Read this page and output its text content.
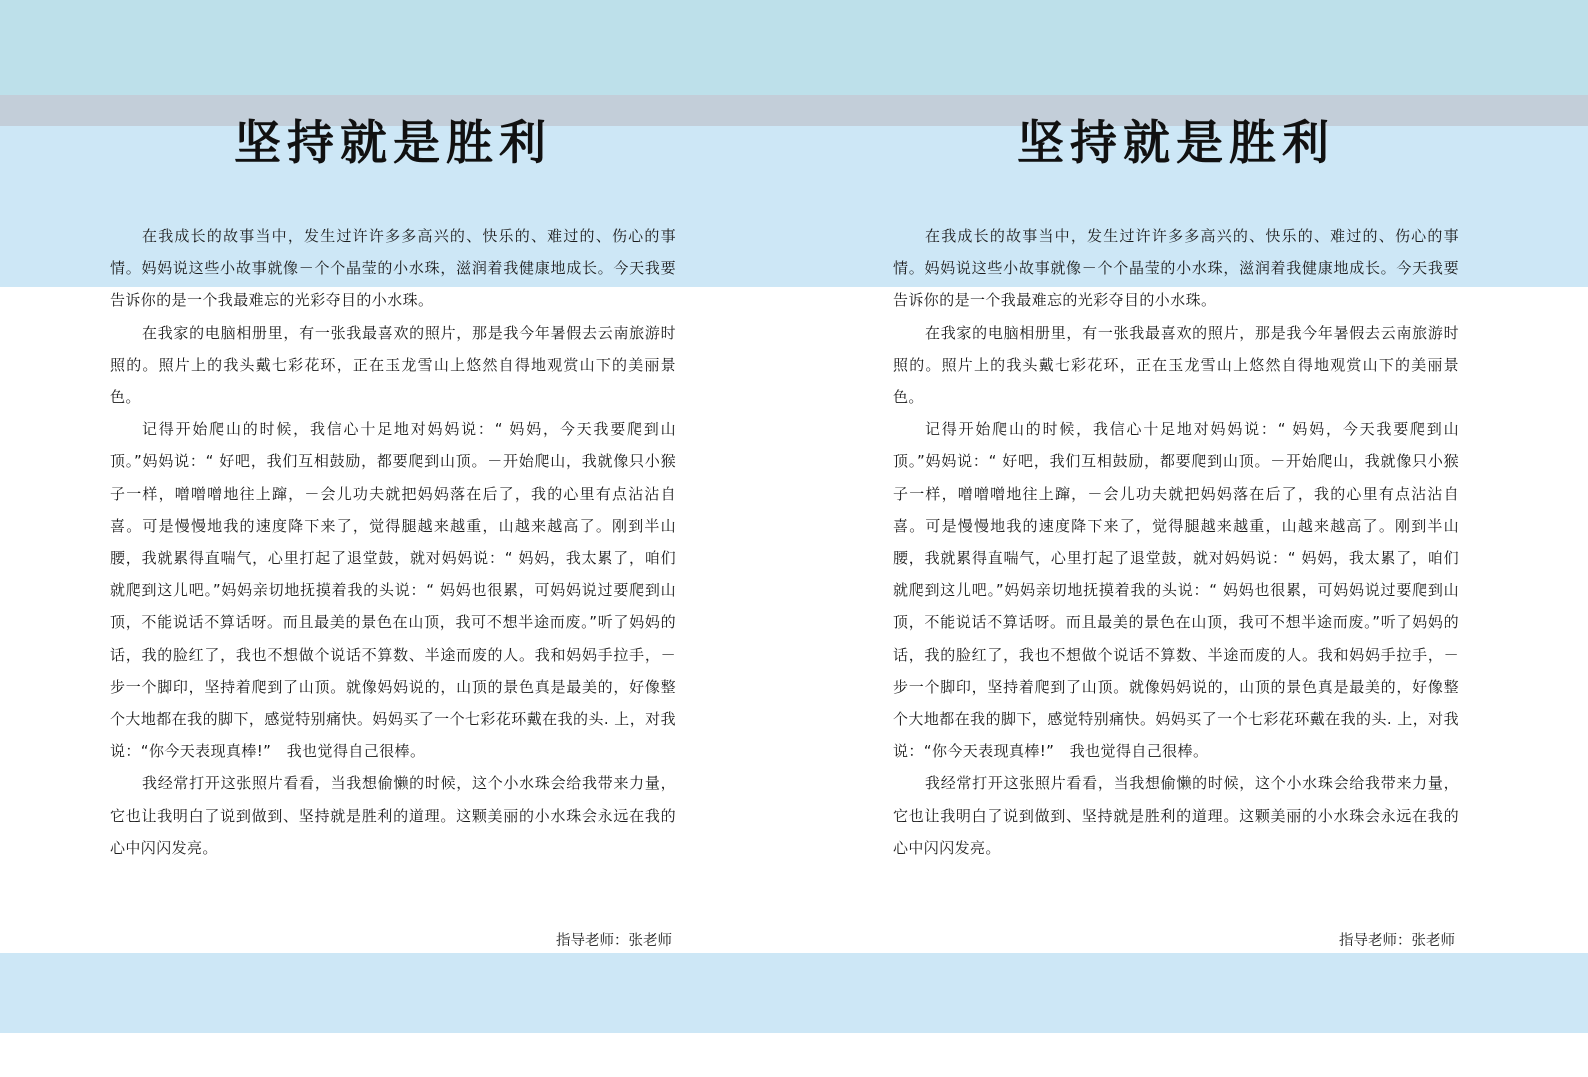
坚持就是胜利

在我成长的故事当中，发生过许许多多高兴的、快乐的、难过的、伤心的事情。妈妈说这些小故事就像－个个晶莹的小水珠，滋润着我健康地成长。今天我要告诉你的是一个我最难忘的光彩夺目的小水珠。

在我家的电脑相册里，有一张我最喜欢的照片，那是我今年暑假去云南旅游时照的。照片上的我头戴七彩花环，正在玉龙雪山上悠然自得地观赏山下的美丽景色。

记得开始爬山的时候，我信心十足地对妈妈说：“ 妈妈，今天我要爬到山顶。”妈妈说：“ 好吧，我们互相鼓励，都要爬到山顶。－开始爬山，我就像只小猴子一样，噌噌噌地往上蹿，－会儿功夫就把妈妈落在后了，我的心里有点沾沾自喜。可是慢慢地我的速度降下来了，觉得腿越来越重，山越来越高了。刚到半山腰，我就累得直喘气，心里打起了退堂鼓，就对妈妈说：“ 妈妈，我太累了，咱们就爬到这儿吧。”妈妈亲切地抚摸着我的头说：“ 妈妈也很累，可妈妈说过要爬到山顶，不能说话不算话呀。而且最美的景色在山顶，我可不想半途而废。”听了妈妈的话，我的脸红了，我也不想做个说话不算数、半途而废的人。我和妈妈手拉手，－步一个脚印，坚持着爬到了山顶。就像妈妈说的，山顶的景色真是最美的，好像整个大地都在我的脚下，感觉特别痛快。妈妈买了一个七彩花环戴在我的头. 上，对我说：“你今天表现真棒!”　我也觉得自己很棒。

我经常打开这张照片看看，当我想偷懒的时候，这个小水珠会给我带来力量，它也让我明白了说到做到、坚持就是胜利的道理。这颗美丽的小水珠会永远在我的心中闪闪发亮。

指导老师：张老师
坚持就是胜利

在我成长的故事当中，发生过许许多多高兴的、快乐的、难过的、伤心的事情。妈妈说这些小故事就像－个个晶莹的小水珠，滋润着我健康地成长。今天我要告诉你的是一个我最难忘的光彩夺目的小水珠。

在我家的电脑相册里，有一张我最喜欢的照片，那是我今年暑假去云南旅游时照的。照片上的我头戴七彩花环，正在玉龙雪山上悠然自得地观赏山下的美丽景色。

记得开始爬山的时候，我信心十足地对妈妈说：“ 妈妈，今天我要爬到山顶。”妈妈说：“ 好吧，我们互相鼓励，都要爬到山顶。－开始爬山，我就像只小猴子一样，噌噌噌地往上蹿，－会儿功夫就把妈妈落在后了，我的心里有点沾沾自喜。可是慢慢地我的速度降下来了，觉得腿越来越重，山越来越高了。刚到半山腰，我就累得直喘气，心里打起了退堂鼓，就对妈妈说：“ 妈妈，我太累了，咱们就爬到这儿吧。”妈妈亲切地抚摸着我的头说：“ 妈妈也很累，可妈妈说过要爬到山顶，不能说话不算话呀。而且最美的景色在山顶，我可不想半途而废。”听了妈妈的话，我的脸红了，我也不想做个说话不算数、半途而废的人。我和妈妈手拉手，－步一个脚印，坚持着爬到了山顶。就像妈妈说的，山顶的景色真是最美的，好像整个大地都在我的脚下，感觉特别痛快。妈妈买了一个七彩花环戴在我的头. 上，对我说：“你今天表现真棒!”　我也觉得自己很棒。

我经常打开这张照片看看，当我想偷懒的时候，这个小水珠会给我带来力量，它也让我明白了说到做到、坚持就是胜利的道理。这颗美丽的小水珠会永远在我的心中闪闪发亮。

指导老师：张老师
